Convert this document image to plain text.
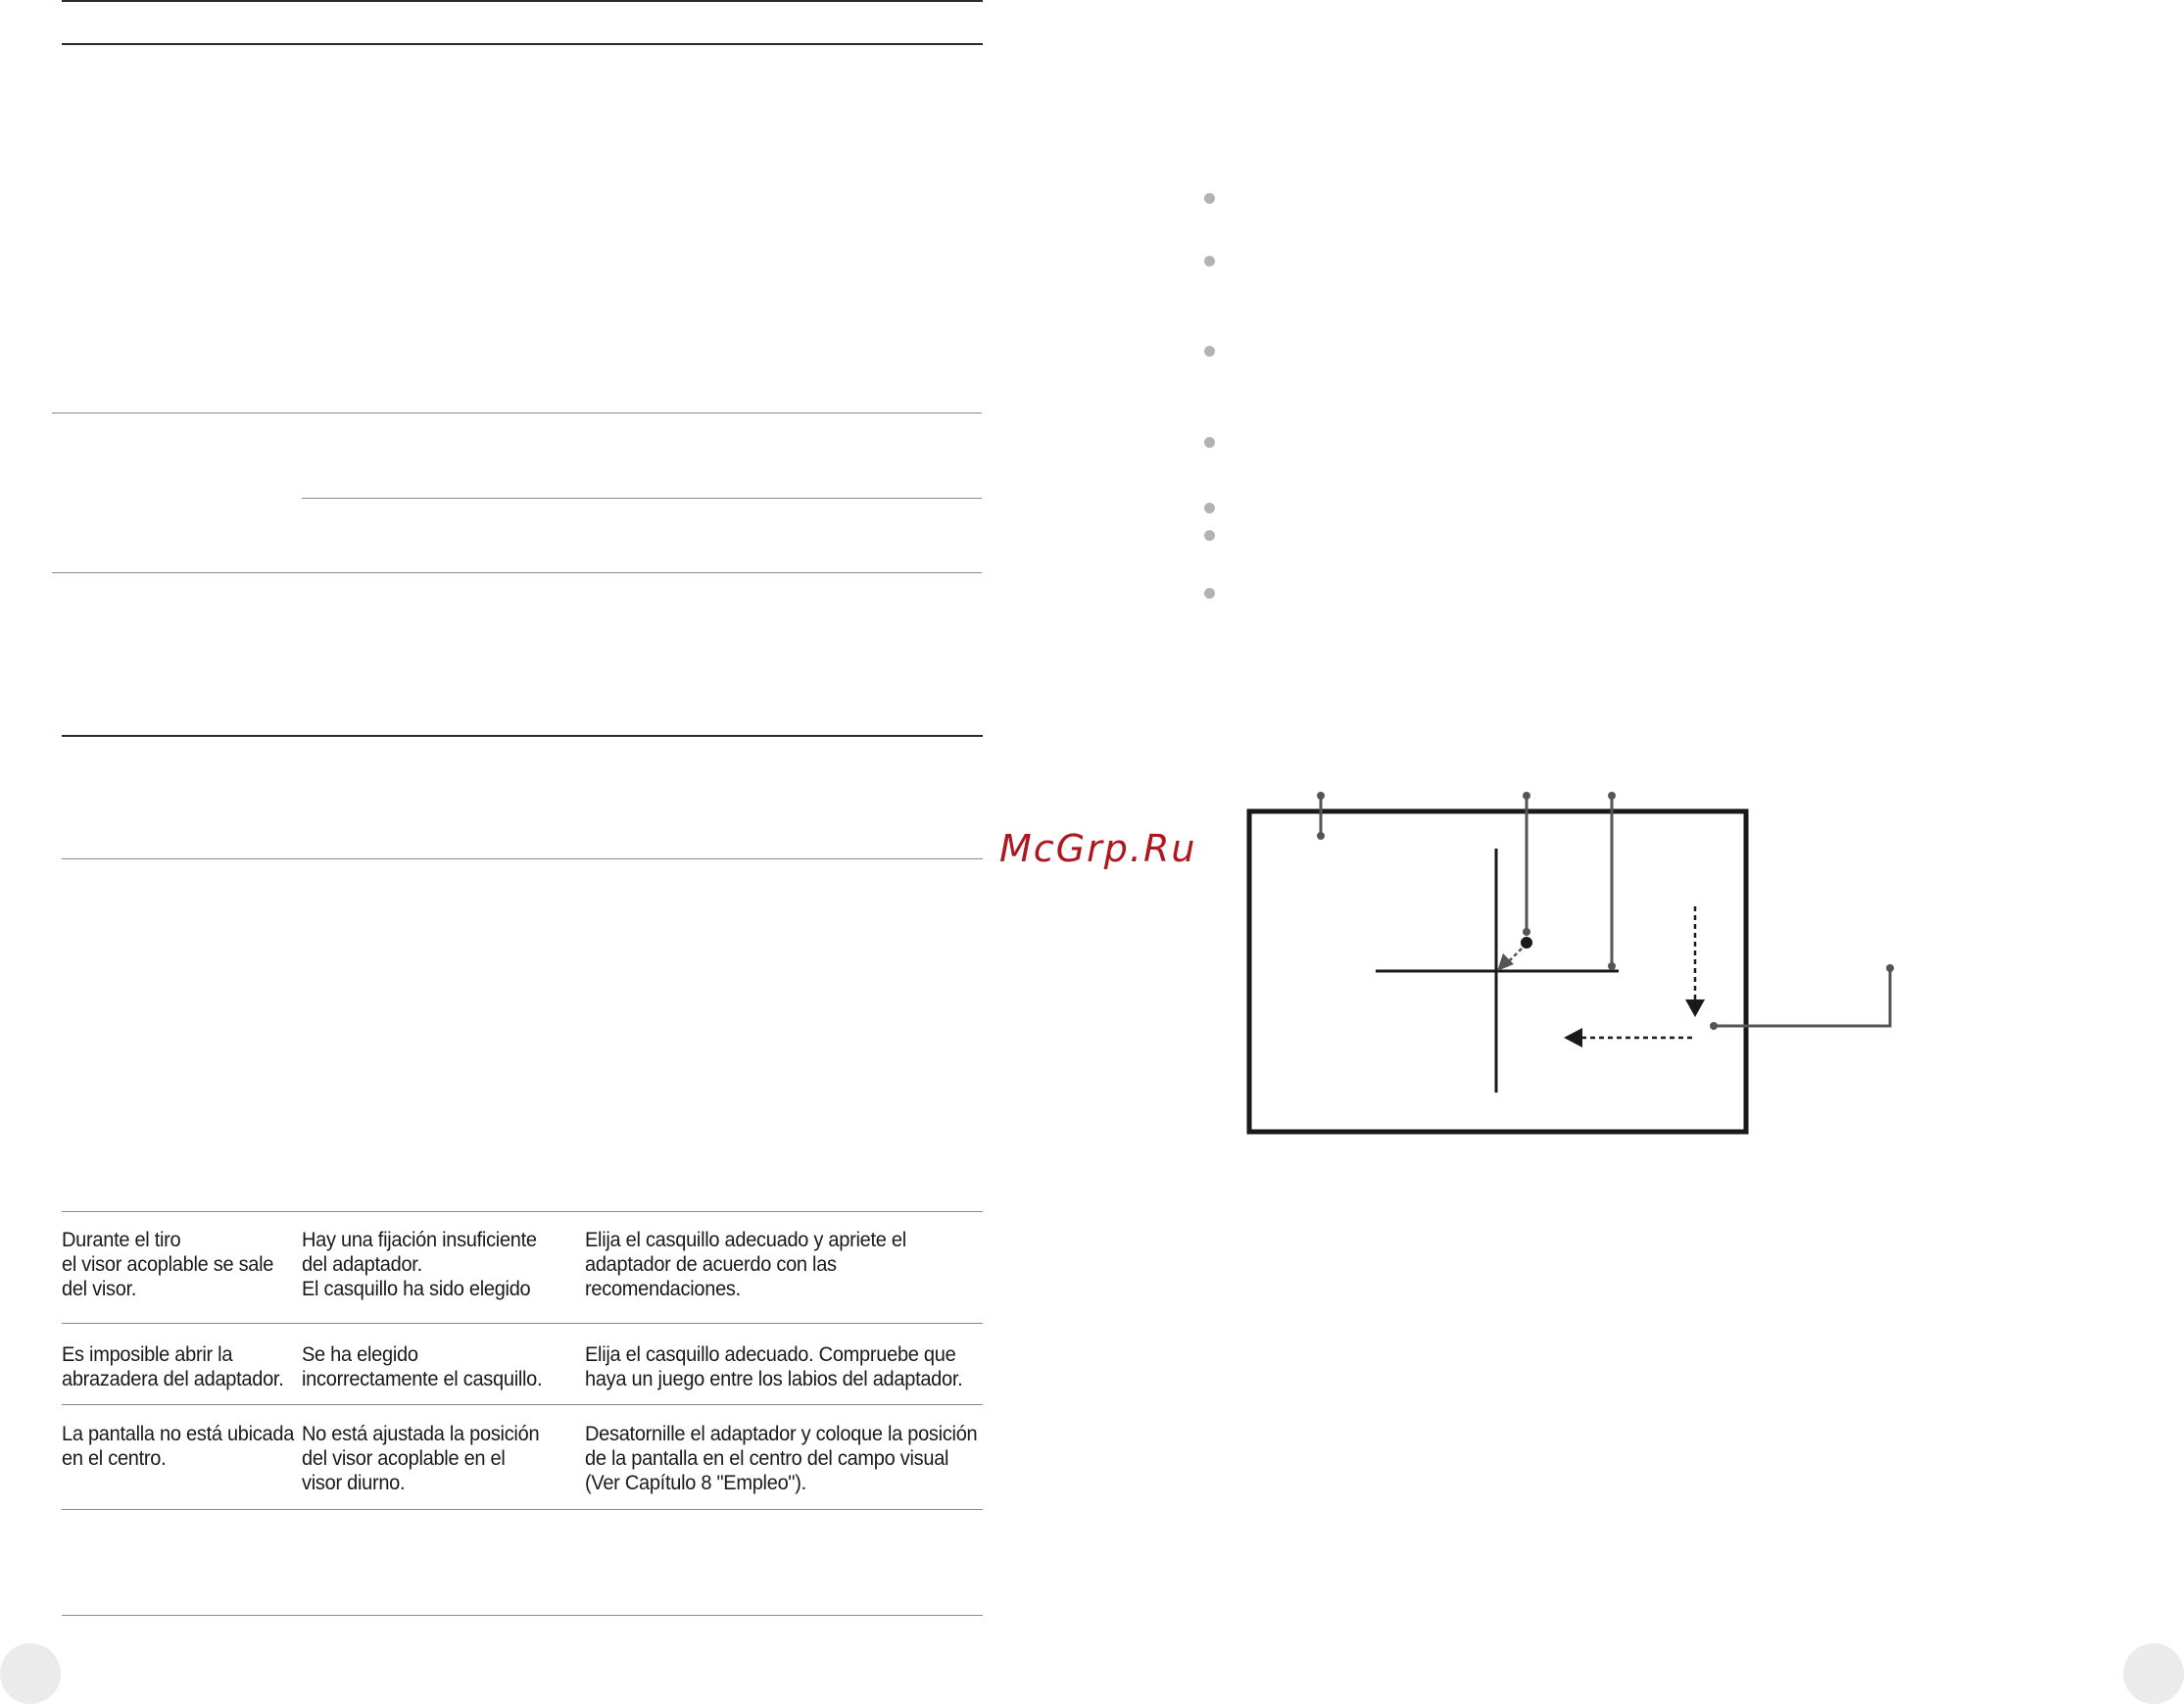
Durante el tiro
el visor acoplable se sale
del visor.
Hay una fijación insuficiente
del adaptador.
El casquillo ha sido elegido
Elija el casquillo adecuado y apriete el
adaptador de acuerdo con las
recomendaciones.
Es imposible abrir la
abrazadera del adaptador.
Se ha elegido
incorrectamente el casquillo.
Elija el casquillo adecuado. Compruebe que
haya un juego entre los labios del adaptador.
La pantalla no está ubicada
en el centro.
No está ajustada la posición
del visor acoplable en el
visor diurno.
Desatornille el adaptador y coloque la posición
de la pantalla en el centro del campo visual
(Ver Capítulo 8 "Empleo").
McGrp.Ru
